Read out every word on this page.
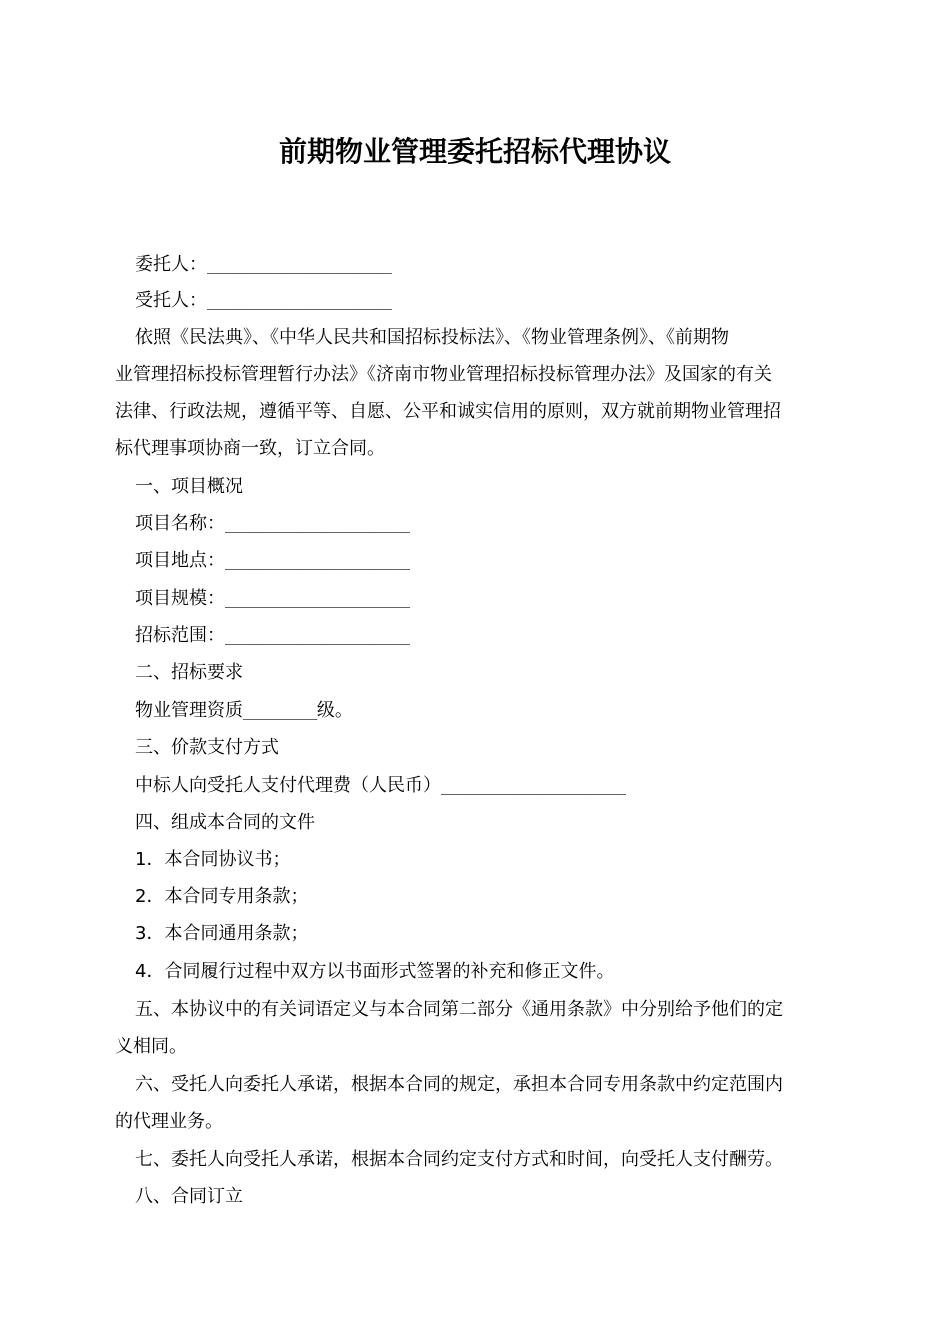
前期物业管理委托招标代理协议
委托人：____________________
受托人：____________________
依照《民法典》、《中华人民共和国招标投标法》、《物业管理条例》、《前期物
业管理招标投标管理暂行办法》《济南市物业管理招标投标管理办法》及国家的有关
法律、行政法规，遵循平等、自愿、公平和诚实信用的原则，双方就前期物业管理招
标代理事项协商一致，订立合同。
一、项目概况
项目名称：____________________
项目地点：____________________
项目规模：____________________
招标范围：____________________
二、招标要求
物业管理资质________级。
三、价款支付方式
中标人向受托人支付代理费（人民币）____________________
四、组成本合同的文件
1．本合同协议书；
2．本合同专用条款；
3．本合同通用条款；
4．合同履行过程中双方以书面形式签署的补充和修正文件。
五、本协议中的有关词语定义与本合同第二部分《通用条款》中分别给予他们的定
义相同。
六、受托人向委托人承诺，根据本合同的规定，承担本合同专用条款中约定范围内
的代理业务。
七、委托人向受托人承诺，根据本合同约定支付方式和时间，向受托人支付酬劳。
八、合同订立
